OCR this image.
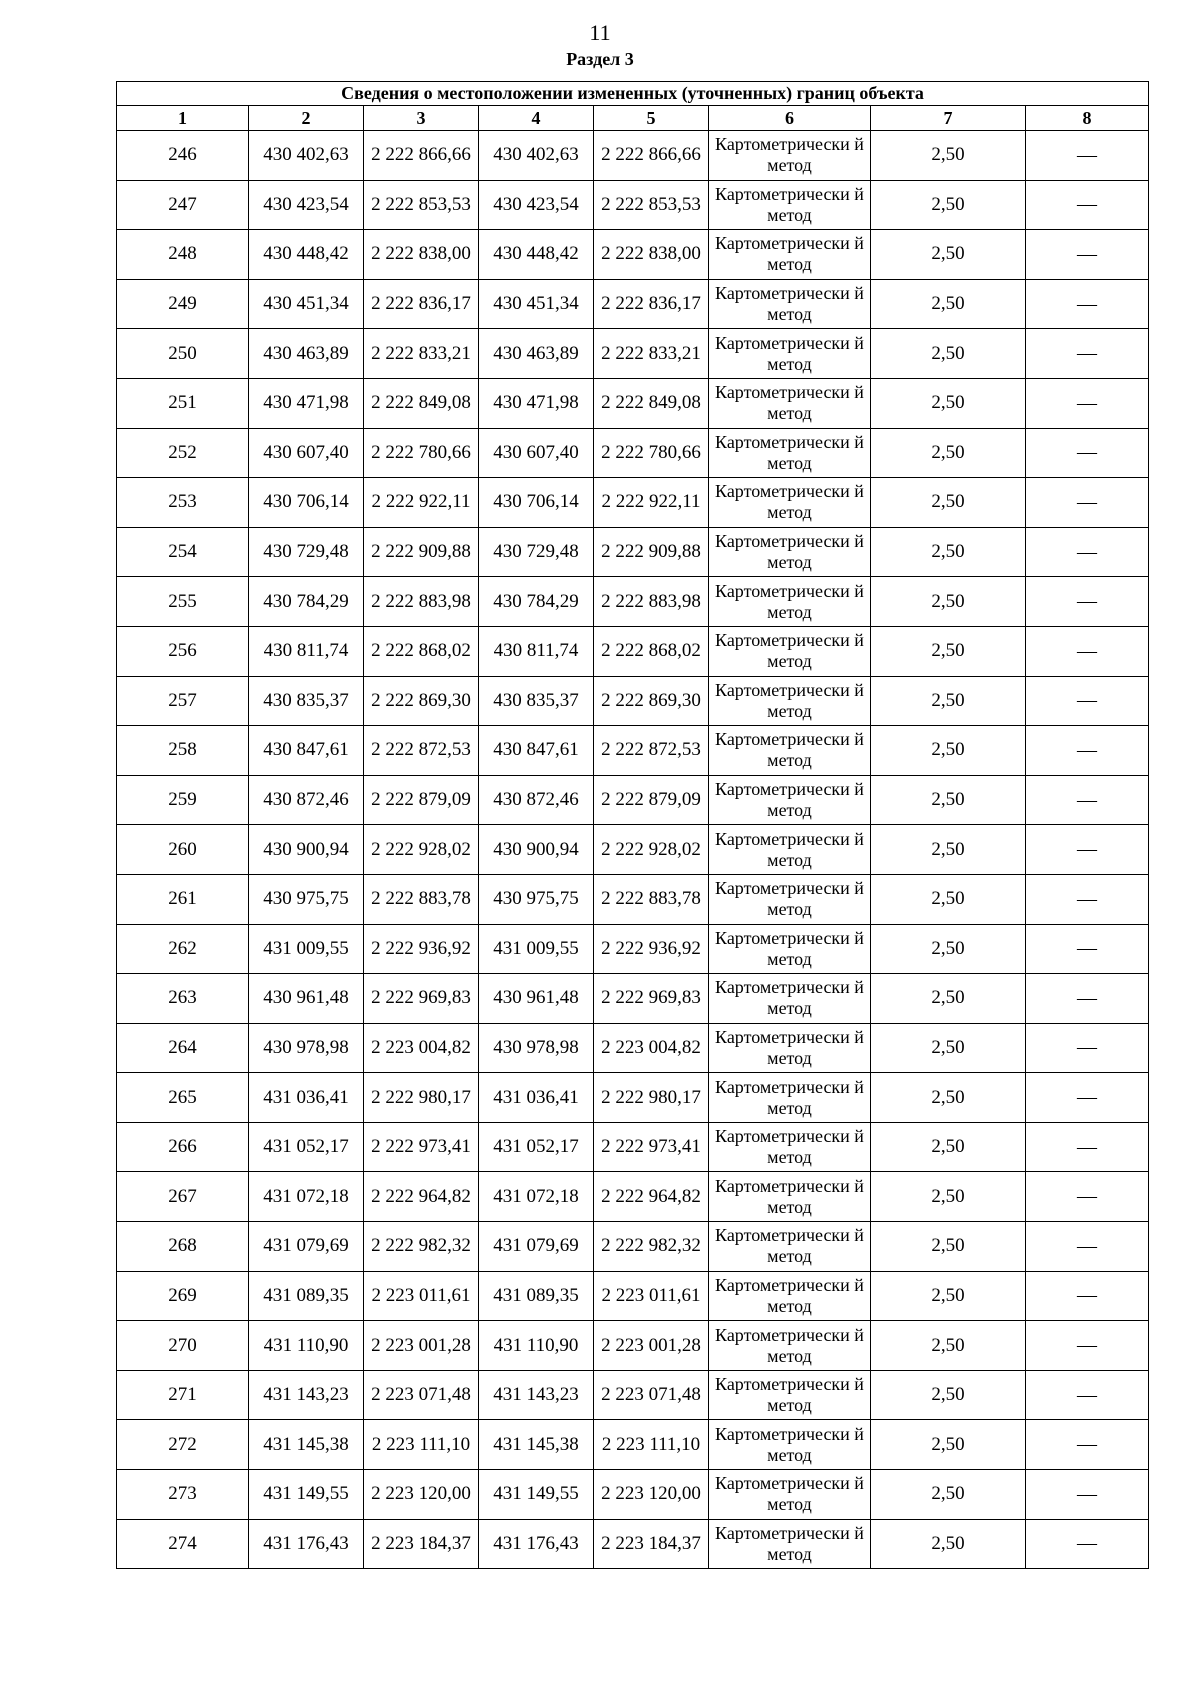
11
Раздел 3
Сведения о местоположении измененных (уточненных) границ объекта							
1	2	3	4	5	6	7	8
246	430 402,63	2 222 866,66	430 402,63	2 222 866,66	Картометрически й метод	2,50	—
247	430 423,54	2 222 853,53	430 423,54	2 222 853,53	Картометрически й метод	2,50	—
248	430 448,42	2 222 838,00	430 448,42	2 222 838,00	Картометрически й метод	2,50	—
249	430 451,34	2 222 836,17	430 451,34	2 222 836,17	Картометрически й метод	2,50	—
250	430 463,89	2 222 833,21	430 463,89	2 222 833,21	Картометрически й метод	2,50	—
251	430 471,98	2 222 849,08	430 471,98	2 222 849,08	Картометрически й метод	2,50	—
252	430 607,40	2 222 780,66	430 607,40	2 222 780,66	Картометрически й метод	2,50	—
253	430 706,14	2 222 922,11	430 706,14	2 222 922,11	Картометрически й метод	2,50	—
254	430 729,48	2 222 909,88	430 729,48	2 222 909,88	Картометрически й метод	2,50	—
255	430 784,29	2 222 883,98	430 784,29	2 222 883,98	Картометрически й метод	2,50	—
256	430 811,74	2 222 868,02	430 811,74	2 222 868,02	Картометрически й метод	2,50	—
257	430 835,37	2 222 869,30	430 835,37	2 222 869,30	Картометрически й метод	2,50	—
258	430 847,61	2 222 872,53	430 847,61	2 222 872,53	Картометрически й метод	2,50	—
259	430 872,46	2 222 879,09	430 872,46	2 222 879,09	Картометрически й метод	2,50	—
260	430 900,94	2 222 928,02	430 900,94	2 222 928,02	Картометрически й метод	2,50	—
261	430 975,75	2 222 883,78	430 975,75	2 222 883,78	Картометрически й метод	2,50	—
262	431 009,55	2 222 936,92	431 009,55	2 222 936,92	Картометрически й метод	2,50	—
263	430 961,48	2 222 969,83	430 961,48	2 222 969,83	Картометрически й метод	2,50	—
264	430 978,98	2 223 004,82	430 978,98	2 223 004,82	Картометрически й метод	2,50	—
265	431 036,41	2 222 980,17	431 036,41	2 222 980,17	Картометрически й метод	2,50	—
266	431 052,17	2 222 973,41	431 052,17	2 222 973,41	Картометрически й метод	2,50	—
267	431 072,18	2 222 964,82	431 072,18	2 222 964,82	Картометрически й метод	2,50	—
268	431 079,69	2 222 982,32	431 079,69	2 222 982,32	Картометрически й метод	2,50	—
269	431 089,35	2 223 011,61	431 089,35	2 223 011,61	Картометрически й метод	2,50	—
270	431 110,90	2 223 001,28	431 110,90	2 223 001,28	Картометрически й метод	2,50	—
271	431 143,23	2 223 071,48	431 143,23	2 223 071,48	Картометрически й метод	2,50	—
272	431 145,38	2 223 111,10	431 145,38	2 223 111,10	Картометрически й метод	2,50	—
273	431 149,55	2 223 120,00	431 149,55	2 223 120,00	Картометрически й метод	2,50	—
274	431 176,43	2 223 184,37	431 176,43	2 223 184,37	Картометрически й метод	2,50	—
